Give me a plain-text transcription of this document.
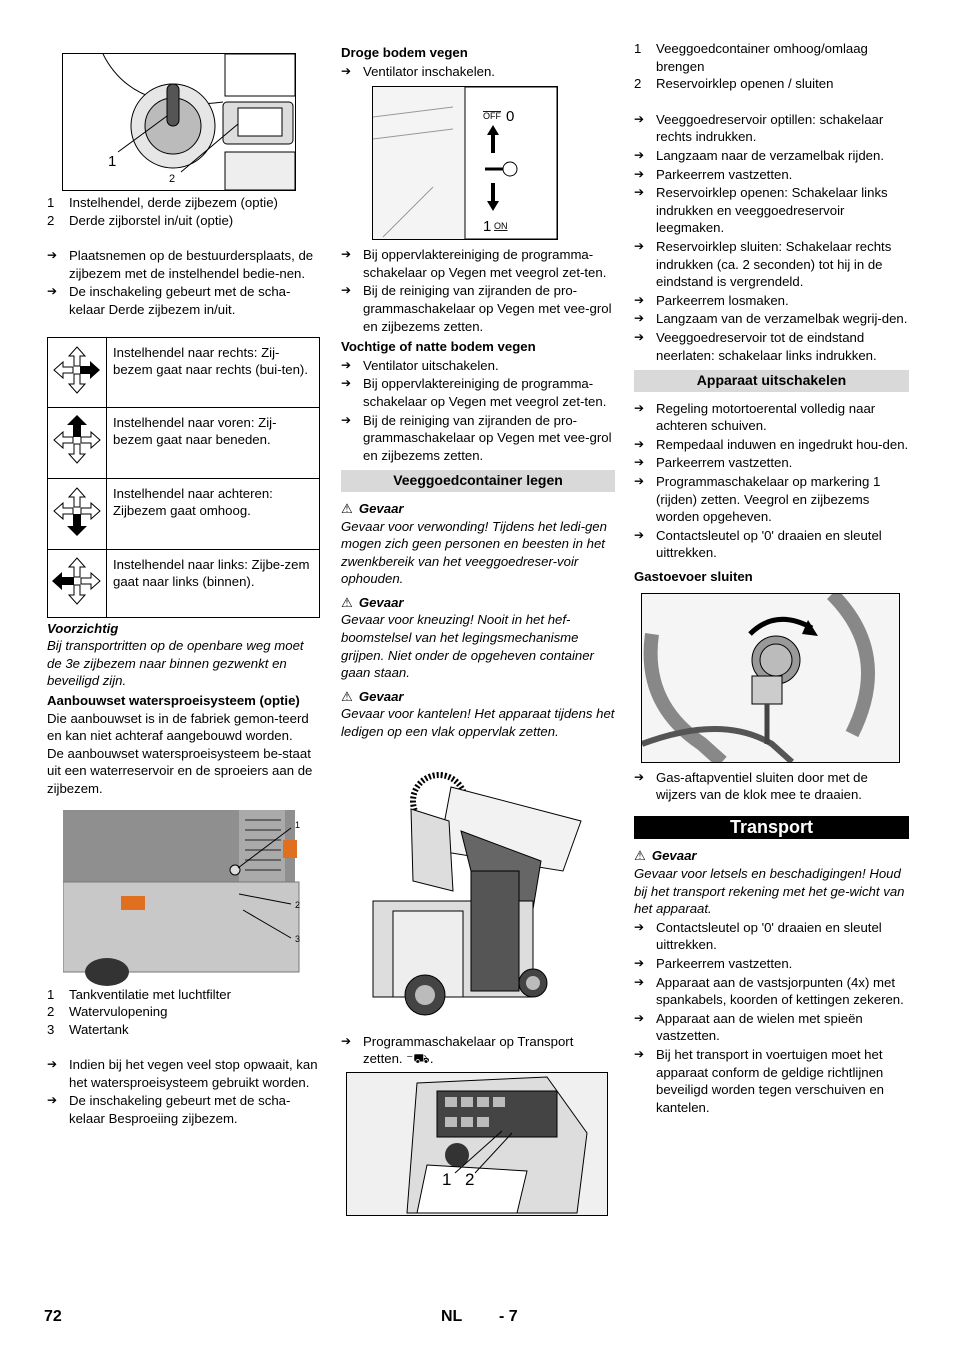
1
2
1	Instelhendel, derde zijbezem (optie)
2	Derde zijborstel in/uit (optie)
➔ Plaatsnemen op de bestuurdersplaats, de zijbezem met de instelhendel bedie-nen.
➔ De inschakeling gebeurt met de scha-kelaar Derde zijbezem in/uit.
	Instelhendel naar rechts: Zij-bezem gaat naar rechts (bui-ten).
	Instelhendel naar voren: Zij-bezem gaat naar beneden.
	Instelhendel naar achteren: Zijbezem gaat omhoog.
	Instelhendel naar links: Zijbe-zem gaat naar links (binnen).
Voorzichtig
Bij transportritten op de openbare weg moet de 3e zijbezem naar binnen gezwenkt en beveiligd zijn.
Aanbouwset watersproeisysteem (optie)
Die aanbouwset is in de fabriek gemon-teerd en kan niet achteraf aangebouwd worden.
De aanbouwset watersproeisysteem be-staat uit een waterreservoir en de sproeiers aan de zijbezem.
1
2
3
1	Tankventilatie met luchtfilter
2	Watervulopening
3	Watertank
➔ Indien bij het vegen veel stop opwaait, kan het watersproeisysteem gebruikt worden.
➔ De inschakeling gebeurt met de scha-kelaar Besproeiing zijbezem.
Droge bodem vegen
➔ Ventilator inschakelen.
OFF 0
1 ON
➔ Bij oppervlaktereiniging de programma-schakelaar op Vegen met veegrol zet-ten.
➔ Bij de reiniging van zijranden de pro-grammaschakelaar op Vegen met vee-grol en zijbezems zetten.
Vochtige of natte bodem vegen
➔ Ventilator uitschakelen.
➔ Bij oppervlaktereiniging de programma-schakelaar op Vegen met veegrol zet-ten.
➔ Bij de reiniging van zijranden de pro-grammaschakelaar op Vegen met vee-grol en zijbezems zetten.
Veeggoedcontainer legen
⚠ Gevaar
Gevaar voor verwonding! Tijdens het ledi-gen mogen zich geen personen en beesten in het zwenkbereik van het veeggoedreser-voir ophouden.
⚠ Gevaar
Gevaar voor kneuzing! Nooit in het hef-boomstelsel van het legingsmechanisme grijpen. Niet onder de opgeheven container gaan staan.
⚠ Gevaar
Gevaar voor kantelen! Het apparaat tijdens het ledigen op een vlak oppervlak zetten.
➔ Programmaschakelaar op Transport zetten. ⁻⛟.
1 2
1	Veeggoedcontainer omhoog/omlaag brengen
2	Reservoirklep openen / sluiten
➔ Veeggoedreservoir optillen: schakelaar rechts indrukken.
➔ Langzaam naar de verzamelbak rijden.
➔ Parkeerrem vastzetten.
➔ Reservoirklep openen: Schakelaar links indrukken en veeggoedreservoir leegmaken.
➔ Reservoirklep sluiten: Schakelaar rechts indrukken (ca. 2 seconden) tot hij in de eindstand is vergrendeld.
➔ Parkeerrem losmaken.
➔ Langzaam van de verzamelbak wegrij-den.
➔ Veeggoedreservoir tot de eindstand neerlaten: schakelaar links indrukken.
Apparaat uitschakelen
➔ Regeling motortoerental volledig naar achteren schuiven.
➔ Rempedaal induwen en ingedrukt hou-den.
➔ Parkeerrem vastzetten.
➔ Programmaschakelaar op markering 1 (rijden) zetten. Veegrol en zijbezems worden opgeheven.
➔ Contactsleutel op '0' draaien en sleutel uittrekken.
Gastoevoer sluiten
➔ Gas-aftapventiel sluiten door met de wijzers van de klok mee te draaien.
Transport
⚠ Gevaar
Gevaar voor letsels en beschadigingen! Houd bij het transport rekening met het ge-wicht van het apparaat.
➔ Contactsleutel op '0' draaien en sleutel uittrekken.
➔ Parkeerrem vastzetten.
➔ Apparaat aan de vastsjorpunten (4x) met spankabels, koorden of kettingen zekeren.
➔ Apparaat aan de wielen met spieën vastzetten.
➔ Bij het transport in voertuigen moet het apparaat conform de geldige richtlijnen beveiligd worden tegen verschuiven en kantelen.
72	NL - 7
